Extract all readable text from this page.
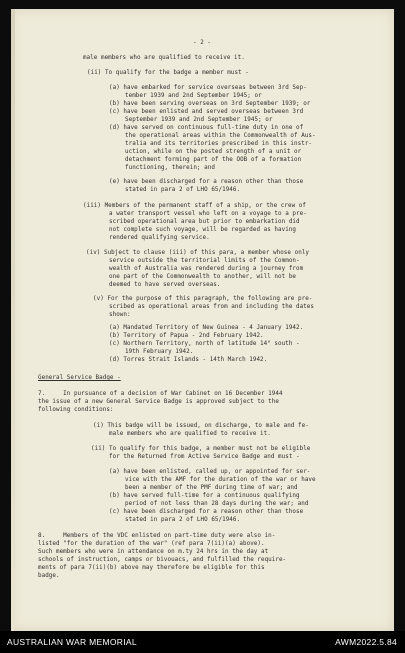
- 2 -
male members who are qualified to receive it.
(ii) To qualify for the badge a member must -
(a) have embarked for service overseas between 3rd Sep-
tember 1939 and 2nd September 1945; or
(b) have been serving overseas on 3rd September 1939; or
(c) have been enlisted and served overseas between 3rd
September 1939 and 2nd September 1945; or
(d) have served on continuous full-time duty in one of
the operational areas within the Commonwealth of Aus-
tralia and its territories prescribed in this instr-
uction, while on the posted strength of a unit or
detachment forming part of the OOB of a formation
functioning, therein; and
(e) have been discharged for a reason other than those
stated in para 2 of LHO 65/1946.
(iii) Members of the permanent staff of a ship, or the crew of
a water transport vessel who left on a voyage to a pre-
scribed operational area but prior to embarkation did
not complete such voyage, will be regarded as having
rendered qualifying service.
(iv) Subject to clause (iii) of this para, a member whose only
service outside the territorial limits of the Common-
wealth of Australia was rendered during a journey from
one part of the Commonwealth to another, will not be
deemed to have served overseas.
(v) For the purpose of this paragraph, the following are pre-
scribed as operational areas from and including the dates
shown:
(a) Mandated Territory of New Guinea - 4 January 1942.
(b) Territory of Papua - 2nd February 1942.
(c) Northern Territory, north of latitude 14° south -
19th February 1942.
(d) Torres Strait Islands - 14th March 1942.
General Service Badge -
7.     In pursuance of a decision of War Cabinet on 16 December 1944
the issue of a new General Service Badge is approved subject to the
following conditions:
(i) This badge will be issued, on discharge, to male and fe-
male members who are qualified to receive it.
(ii) To qualify for this badge, a member must not be eligible
for the Returned from Active Service Badge and must -
(a) have been enlisted, called up, or appointed for ser-
vice with the AMF for the duration of the war or have
been a member of the PMF during time of war; and
(b) have served full-time for a continuous qualifying
period of not less than 28 days during the war; and
(c) have been discharged for a reason other than those
stated in para 2 of LHO 65/1946.
8.     Members of the VDC enlisted on part-time duty were also in-
listed "for the duration of the war" (ref para 7(ii)(a) above).
Such members who were in attendance on m.ty 24 hrs in the day at
schools of instruction, camps or bivouacs, and fulfilled the require-
ments of para 7(ii)(b) above may therefore be eligible for this
badge.
AUSTRALIAN WAR MEMORIAL	AWM2022.5.84
